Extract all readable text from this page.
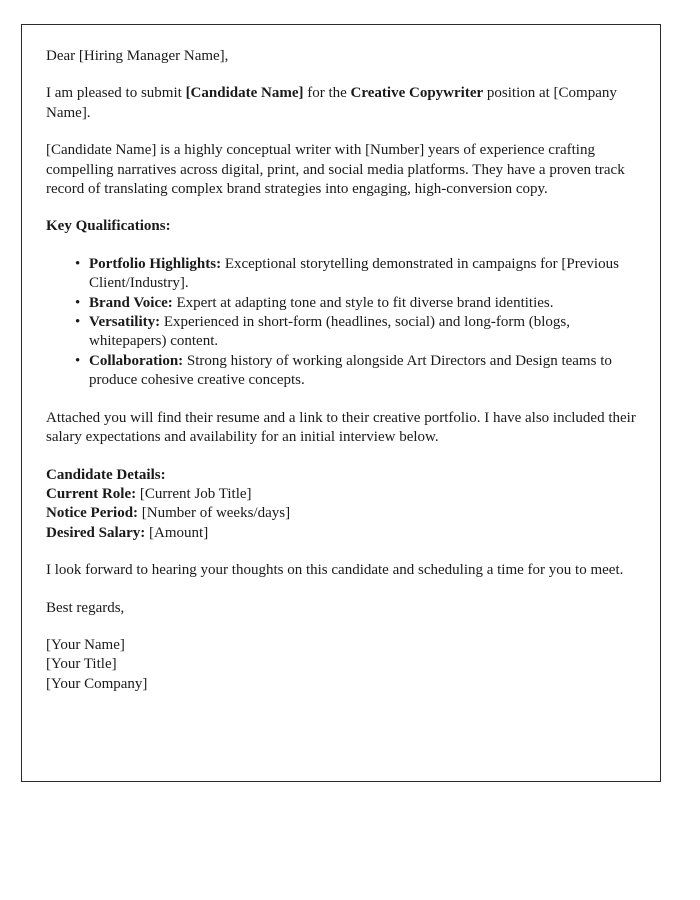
Dear [Hiring Manager Name],

I am pleased to submit [Candidate Name] for the Creative Copywriter position at [Company Name].

[Candidate Name] is a highly conceptual writer with [Number] years of experience crafting compelling narratives across digital, print, and social media platforms. They have a proven track record of translating complex brand strategies into engaging, high-conversion copy.

Key Qualifications:

• Portfolio Highlights: Exceptional storytelling demonstrated in campaigns for [Previous Client/Industry].
• Brand Voice: Expert at adapting tone and style to fit diverse brand identities.
• Versatility: Experienced in short-form (headlines, social) and long-form (blogs, whitepapers) content.
• Collaboration: Strong history of working alongside Art Directors and Design teams to produce cohesive creative concepts.

Attached you will find their resume and a link to their creative portfolio. I have also included their salary expectations and availability for an initial interview below.

Candidate Details:

Current Role: [Current Job Title]

Notice Period: [Number of weeks/days]

Desired Salary: [Amount]

I look forward to hearing your thoughts on this candidate and scheduling a time for you to meet.

Best regards,

[Your Name]

[Your Title]

[Your Company]
